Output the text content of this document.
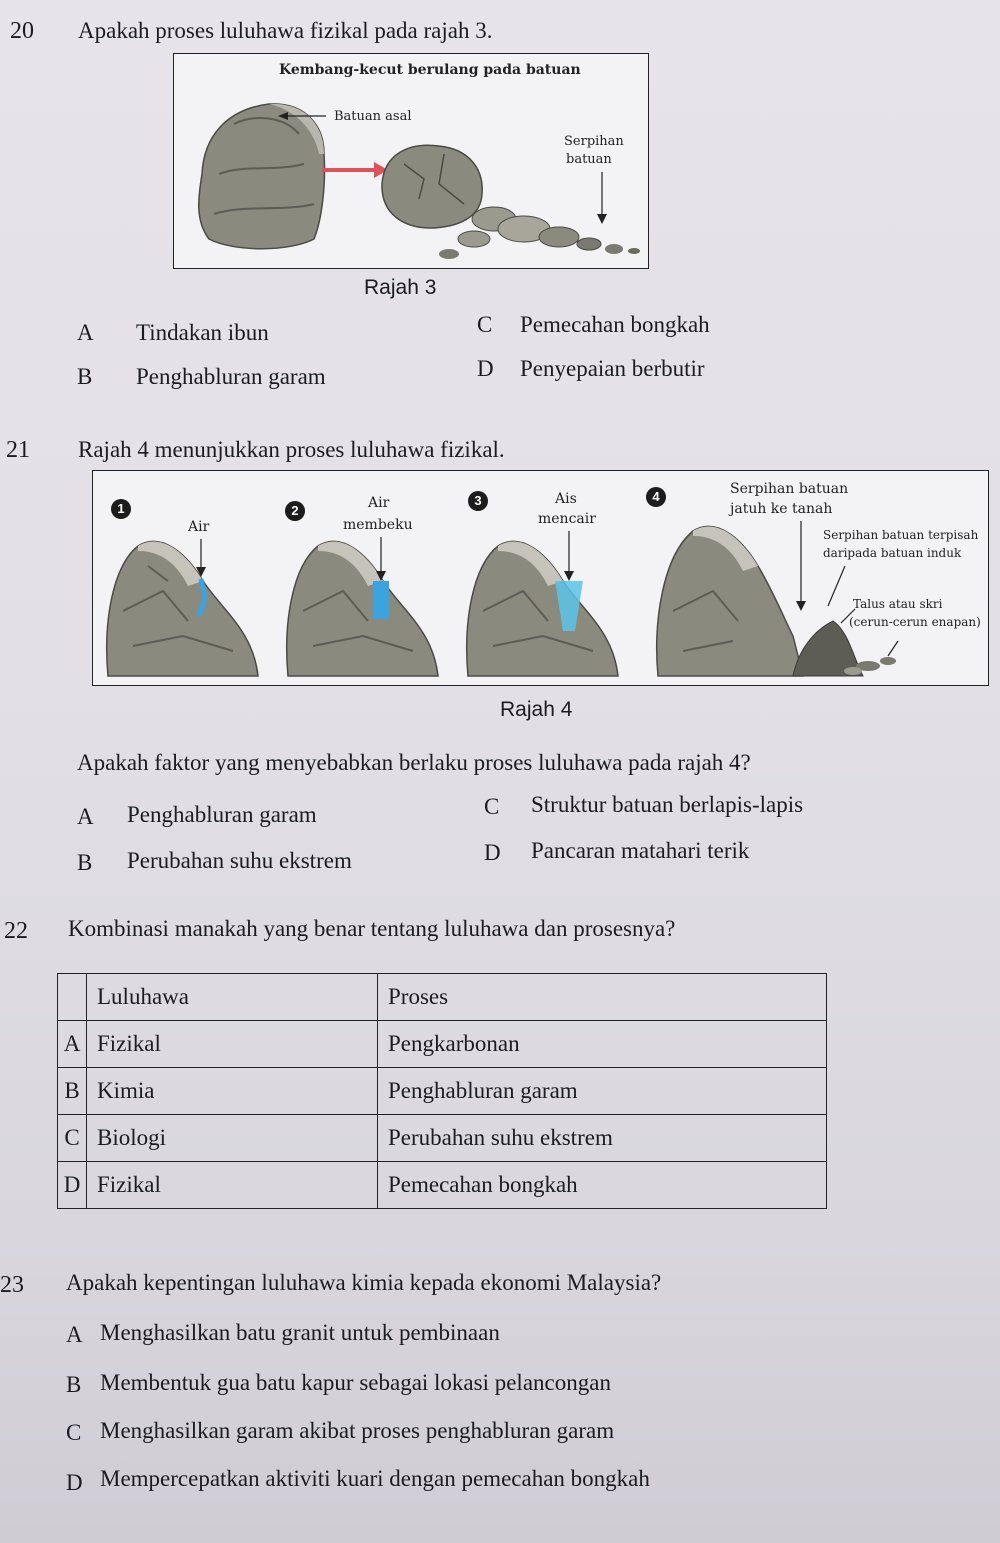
20 Apakah proses luluhawa fizikal pada rajah 3.
Kembang-kecut berulang pada batuan
Batuan asal
Serpihan
batuan
Rajah 3
A Tindakan ibun
B Penghabluran garam
C Pemecahan bongkah
D Penyepaian berbutir
21 Rajah 4 menunjukkan proses luluhawa fizikal.
1	2
3	4
Air
Air
membeku
Ais
mencair
Serpihan batuan
jatuh ke tanah
Serpihan batuan terpisah
daripada batuan induk
Talus atau skri
(cerun-cerun enapan)
Rajah 4
Apakah faktor yang menyebabkan berlaku proses luluhawa pada rajah 4?
A Penghabluran garam
B Perubahan suhu ekstrem
C Struktur batuan berlapis-lapis
D Pancaran matahari terik
22 Kombinasi manakah yang benar tentang luluhawa dan prosesnya?
	Luluhawa	Proses
A	Fizikal	Pengkarbonan
B	Kimia	Penghabluran garam
C	Biologi	Perubahan suhu ekstrem
D	Fizikal	Pemecahan bongkah
23 Apakah kepentingan luluhawa kimia kepada ekonomi Malaysia?
A Menghasilkan batu granit untuk pembinaan
B Membentuk gua batu kapur sebagai lokasi pelancongan
C Menghasilkan garam akibat proses penghabluran garam
D Mempercepatkan aktiviti kuari dengan pemecahan bongkah
